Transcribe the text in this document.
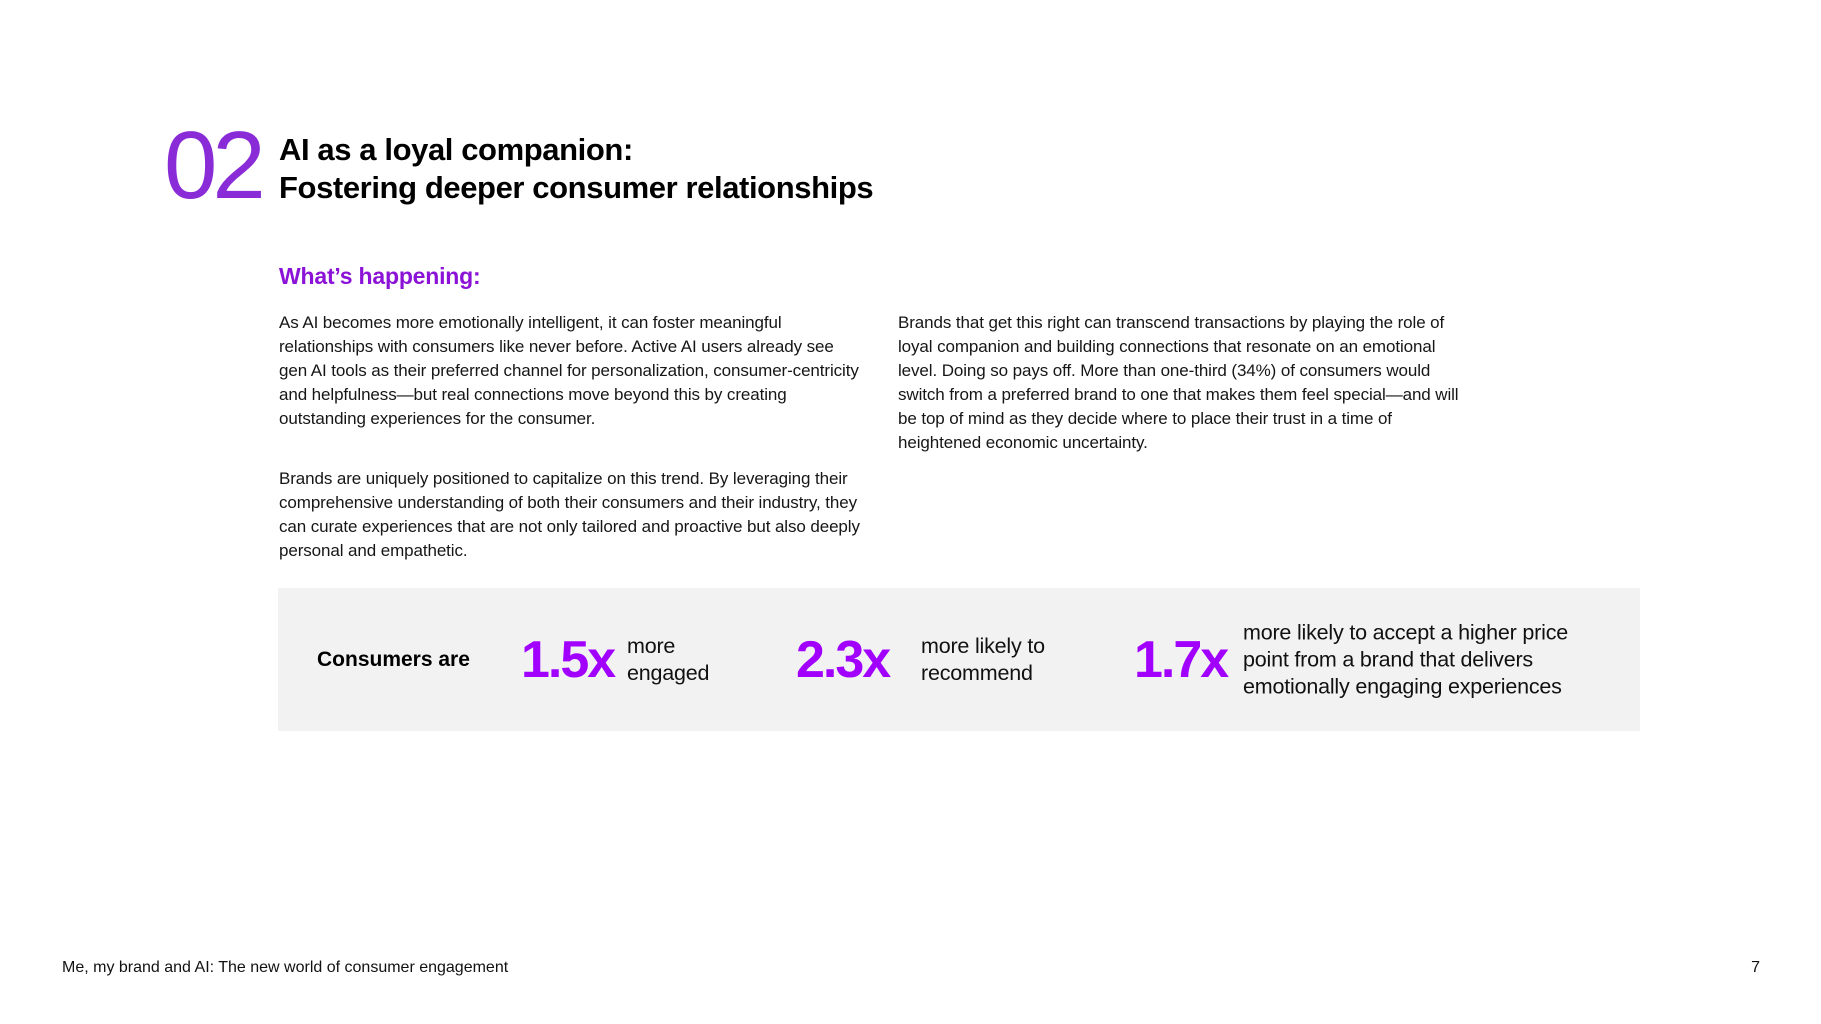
02 AI as a loyal companion:
Fostering deeper consumer relationships
What’s happening:

As AI becomes more emotionally intelligent, it can foster meaningful relationships with consumers like never before. Active AI users already see gen AI tools as their preferred channel for personalization, consumer-centricity and helpfulness—but real connections move beyond this by creating outstanding experiences for the consumer.

Brands are uniquely positioned to capitalize on this trend. By leveraging their comprehensive understanding of both their consumers and their industry, they can curate experiences that are not only tailored and proactive but also deeply personal and empathetic.

Brands that get this right can transcend transactions by playing the role of loyal companion and building connections that resonate on an emotional level. Doing so pays off. More than one-third (34%) of consumers would switch from a preferred brand to one that makes them feel special—and will be top of mind as they decide where to place their trust in a time of heightened economic uncertainty.

Consumers are 1.5x more engaged	2.3x more likely to recommend	1.7x more likely to accept a higher price point from a brand that delivers emotionally engaging experiences
Me, my brand and AI: The new world of consumer engagement	7
